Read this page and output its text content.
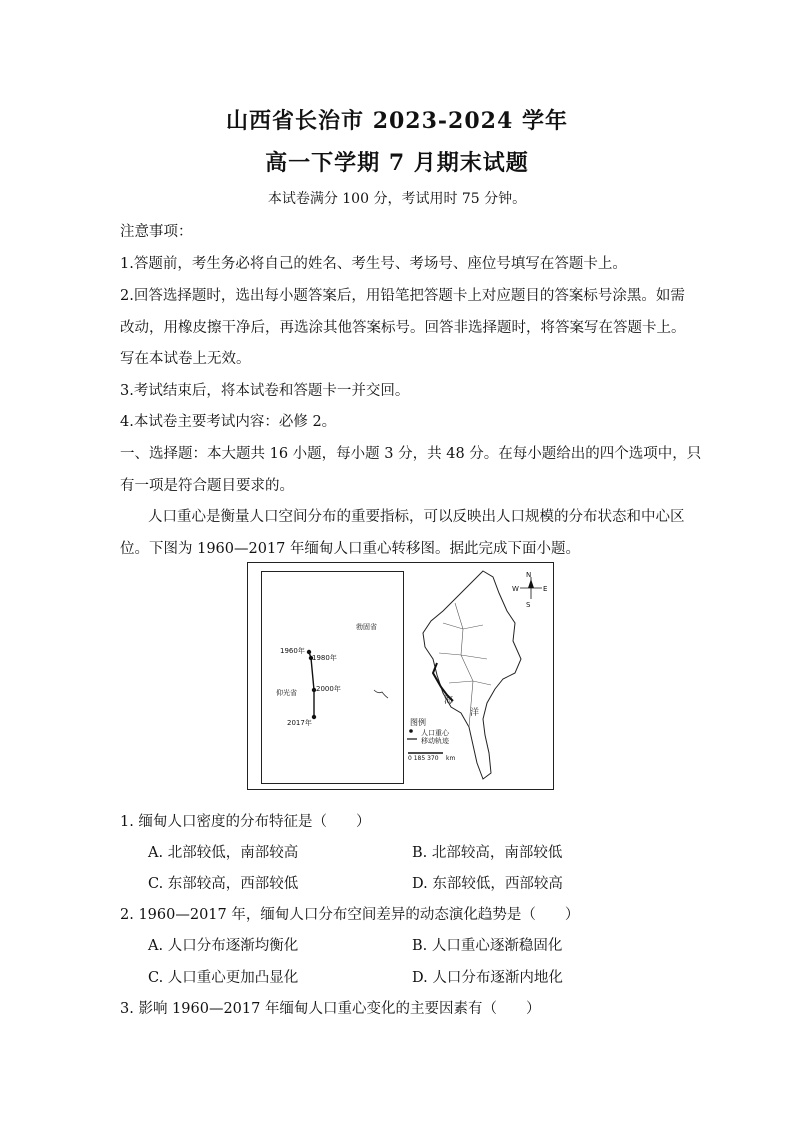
山西省长治市 2023-2024 学年
高一下学期 7 月期末试题
本试卷满分 100 分，考试用时 75 分钟。
注意事项：
1.答题前，考生务必将自己的姓名、考生号、考场号、座位号填写在答题卡上。
2.回答选择题时，选出每小题答案后，用铅笔把答题卡上对应题目的答案标号涂黑。如需
改动，用橡皮擦干净后，再选涂其他答案标号。回答非选择题时，将答案写在答题卡上。
写在本试卷上无效。
3.考试结束后，将本试卷和答题卡一并交回。
4.本试卷主要考试内容：必修 2。
一、选择题：本大题共 16 小题，每小题 3 分，共 48 分。在每小题给出的四个选项中，只
有一项是符合题目要求的。
人口重心是衡量人口空间分布的重要指标，可以反映出人口规模的分布状态和中心区
位。下图为 1960—2017 年缅甸人口重心转移图。据此完成下面小题。
1960年
1980年
2000年
2017年
勃固省
仰光省
N
S
E
W
海
洋
图例
人口重心
移动轨迹
0 185 370 km
1. 缅甸人口密度的分布特征是（　　）
A. 北部较低，南部较高	B. 北部较高，南部较低
C. 东部较高，西部较低	D. 东部较低，西部较高
2. 1960—2017 年，缅甸人口分布空间差异的动态演化趋势是（　　）
A. 人口分布逐渐均衡化	B. 人口重心逐渐稳固化
C. 人口重心更加凸显化	D. 人口分布逐渐内地化
3. 影响 1960—2017 年缅甸人口重心变化的主要因素有（　　）
